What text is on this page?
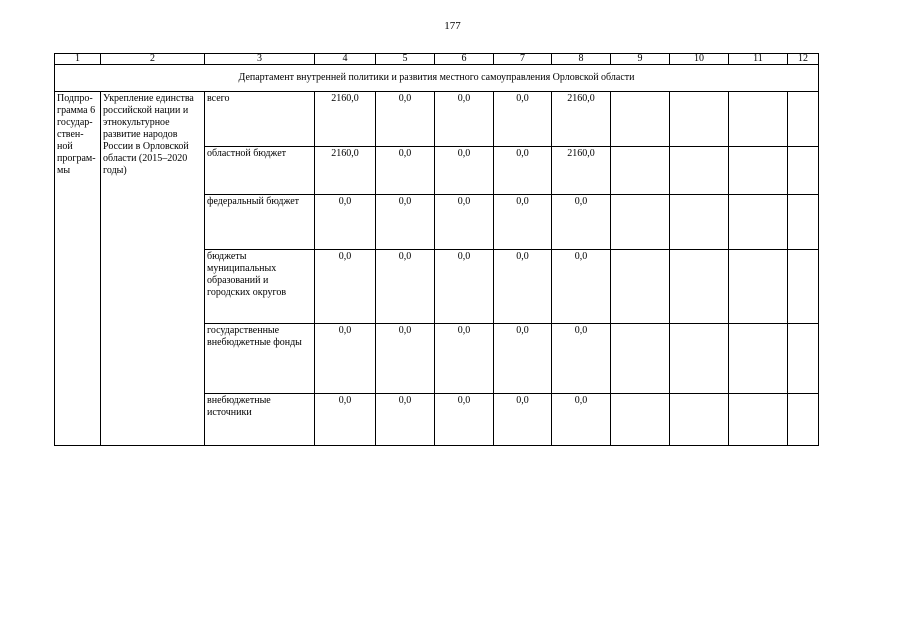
177
1	2	3	4	5	6	7	8	9	10	11	12
Департамент внутренней политики и развития местного самоуправления Орловской области											
Подпро-грамма 6 государ-ствен-ной програм-мы	Укрепление единства российской нации и этнокультурное развитие народов России в Орловской области (2015–2020 годы)	всего	2160,0	0,0	0,0	0,0	2160,0				
		областной бюджет	2160,0	0,0	0,0	0,0	2160,0				
		федеральный бюджет	0,0	0,0	0,0	0,0	0,0				
		бюджеты муниципальных образований и городских округов	0,0	0,0	0,0	0,0	0,0				
		государственные внебюджетные фонды	0,0	0,0	0,0	0,0	0,0				
		внебюджетные источники	0,0	0,0	0,0	0,0	0,0				
